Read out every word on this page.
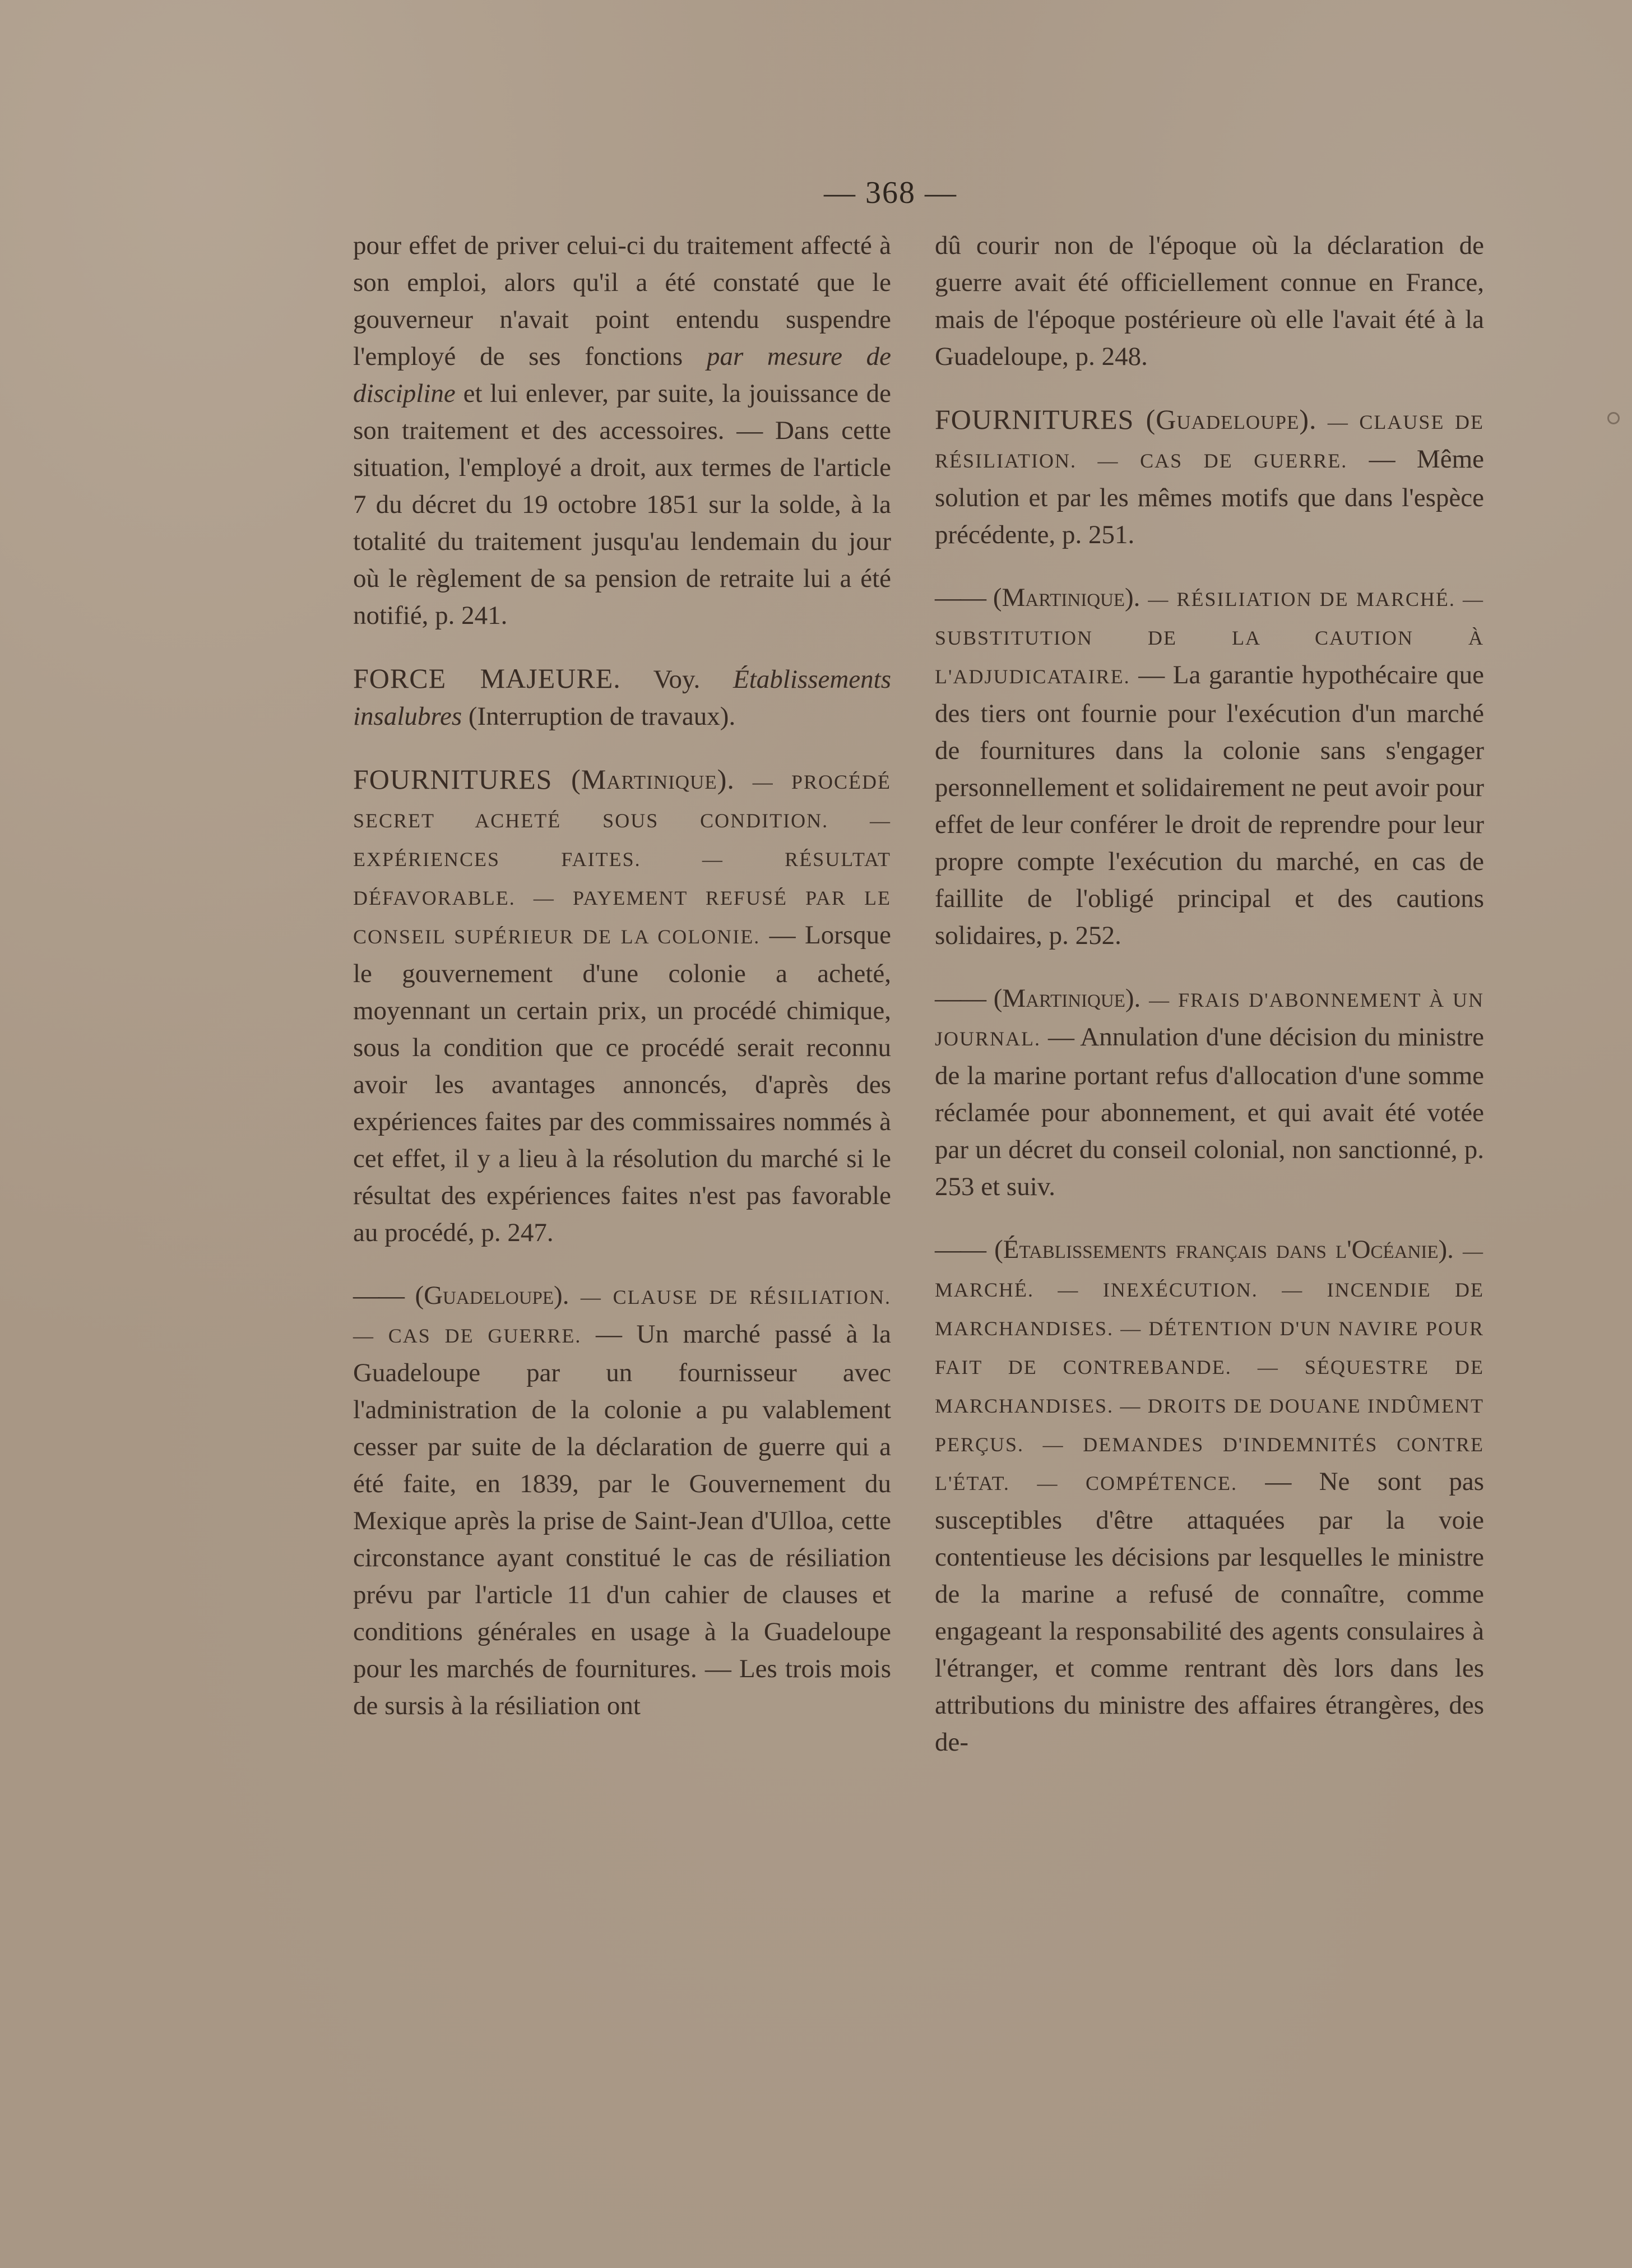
— 368 —

pour effet de priver celui-ci du traitement affecté à son emploi, alors qu'il a été constaté que le gouverneur n'avait point entendu suspendre l'employé de ses fonctions par mesure de discipline et lui enlever, par suite, la jouissance de son traitement et des accessoires. — Dans cette situation, l'employé a droit, aux termes de l'article 7 du décret du 19 octobre 1851 sur la solde, à la totalité du traitement jusqu'au lendemain du jour où le règlement de sa pension de retraite lui a été notifié, p. 241.

FORCE MAJEURE. Voy. Établissements insalubres (Interruption de travaux).

FOURNITURES (Martinique). — PROCÉDÉ SECRET ACHETÉ SOUS CONDITION. — EXPÉRIENCES FAITES. — RÉSULTAT DÉFAVORABLE. — PAYEMENT REFUSÉ PAR LE CONSEIL SUPÉRIEUR DE LA COLONIE. — Lorsque le gouvernement d'une colonie a acheté, moyennant un certain prix, un procédé chimique, sous la condition que ce procédé serait reconnu avoir les avantages annoncés, d'après des expériences faites par des commissaires nommés à cet effet, il y a lieu à la résolution du marché si le résultat des expériences faites n'est pas favorable au procédé, p. 247.

—— (Guadeloupe). — CLAUSE DE RÉSILIATION. — CAS DE GUERRE. — Un marché passé à la Guadeloupe par un fournisseur avec l'administration de la colonie a pu valablement cesser par suite de la déclaration de guerre qui a été faite, en 1839, par le Gouvernement du Mexique après la prise de Saint-Jean d'Ulloa, cette circonstance ayant constitué le cas de résiliation prévu par l'article 11 d'un cahier de clauses et conditions générales en usage à la Guadeloupe pour les marchés de fournitures. — Les trois mois de sursis à la résiliation ont

dû courir non de l'époque où la déclaration de guerre avait été officiellement connue en France, mais de l'époque postérieure où elle l'avait été à la Guadeloupe, p. 248.

FOURNITURES (Guadeloupe). — CLAUSE DE RÉSILIATION. — CAS DE GUERRE. — Même solution et par les mêmes motifs que dans l'espèce précédente, p. 251.

—— (Martinique). — RÉSILIATION DE MARCHÉ. — SUBSTITUTION DE LA CAUTION À L'ADJUDICATAIRE. — La garantie hypothécaire que des tiers ont fournie pour l'exécution d'un marché de fournitures dans la colonie sans s'engager personnellement et solidairement ne peut avoir pour effet de leur conférer le droit de reprendre pour leur propre compte l'exécution du marché, en cas de faillite de l'obligé principal et des cautions solidaires, p. 252.

—— (Martinique). — FRAIS D'ABONNEMENT À UN JOURNAL. — Annulation d'une décision du ministre de la marine portant refus d'allocation d'une somme réclamée pour abonnement, et qui avait été votée par un décret du conseil colonial, non sanctionné, p. 253 et suiv.

—— (Établissements français dans l'Océanie). — MARCHÉ. — INEXÉCUTION. — INCENDIE DE MARCHANDISES. — DÉTENTION D'UN NAVIRE POUR FAIT DE CONTREBANDE. — SÉQUESTRE DE MARCHANDISES. — DROITS DE DOUANE INDÛMENT PERÇUS. — DEMANDES D'INDEMNITÉS CONTRE L'ÉTAT. — COMPÉTENCE. — Ne sont pas susceptibles d'être attaquées par la voie contentieuse les décisions par lesquelles le ministre de la marine a refusé de connaître, comme engageant la responsabilité des agents consulaires à l'étranger, et comme rentrant dès lors dans les attributions du ministre des affaires étrangères, des de-
